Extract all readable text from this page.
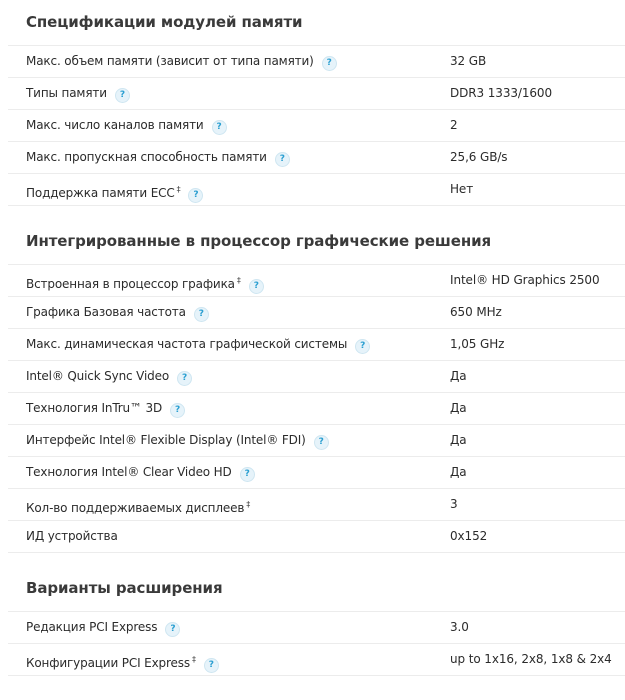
Спецификации модулей памяти
Макс. объем памяти (зависит от типа памяти) ?	32 GB
Типы памяти ?	DDR3 1333/1600
Макс. число каналов памяти ?	2
Макс. пропускная способность памяти ?	25,6 GB/s
Поддержка памяти ECC ‡?	Нет
Интегрированные в процессор графические решения
Встроенная в процессор графика ‡?	Intel® HD Graphics 2500
Графика Базовая частота ?	650 MHz
Макс. динамическая частота графической системы ?	1,05 GHz
Intel® Quick Sync Video ?	Да
Технология InTru™ 3D ?	Да
Интерфейс Intel® Flexible Display (Intel® FDI) ?	Да
Технология Intel® Clear Video HD ?	Да
Кол-во поддерживаемых дисплеев ‡	3
ИД устройства	0x152
Варианты расширения
Редакция PCI Express ?	3.0
Конфигурации PCI Express ‡?	up to 1x16, 2x8, 1x8 & 2x4
